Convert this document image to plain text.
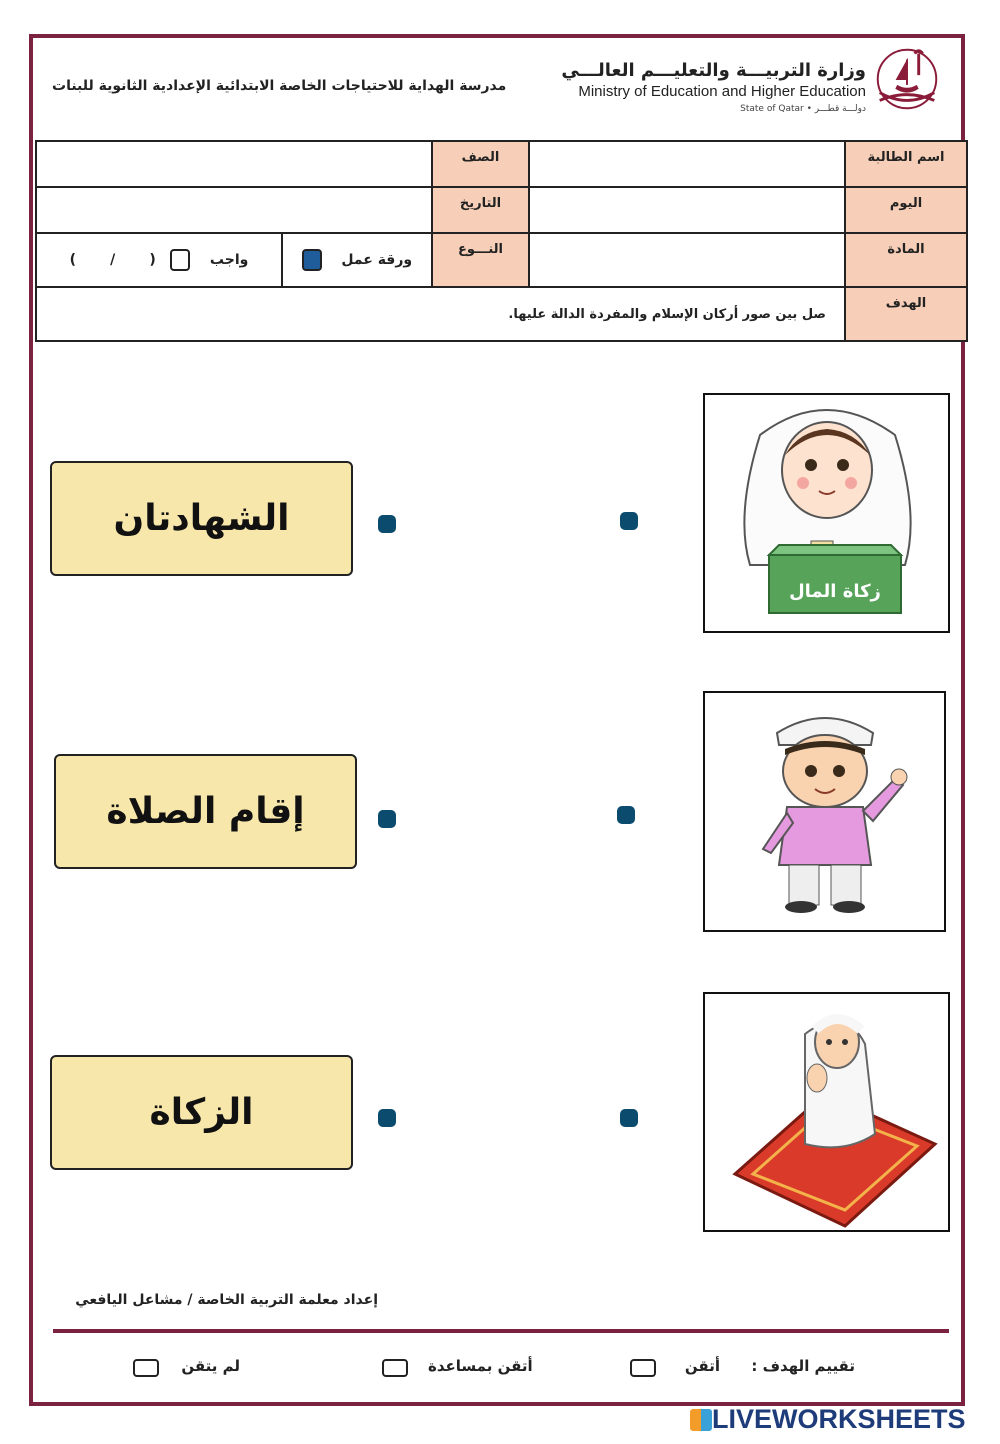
مدرسة الهداية للاحتياجات الخاصة الابتدائية الإعدادية الثانوية للبنات
وزارة التربيـــة والتعليـــم العالـــي
Ministry of Education and Higher Education
State of Qatar • دولـــة قطـــر
اسم الطالبة		الصف		
اليوم		التاريخ		
المادة		النـــوع	ورقة عمل	واجب       (       /       )
الهدف	صل بين صور أركان الإسلام والمفردة الدالة عليها.			
زكاة المال
الشهادتان
إقام الصلاة
الزكاة
إعداد معلمة التربية الخاصة / مشاعل اليافعي
تقييم الهدف :
أتقن
أتقن بمساعدة
لم يتقن
LIVEWORKSHEETS
